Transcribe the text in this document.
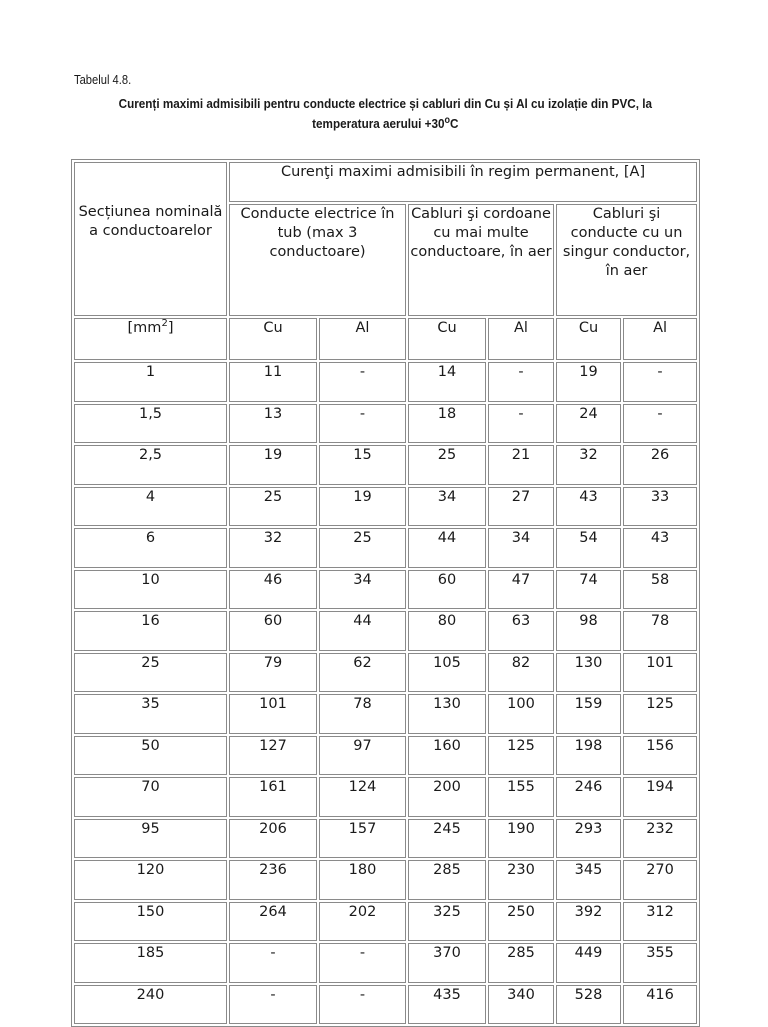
Tabelul 4.8.
Curenți maximi admisibili pentru conducte electrice și cabluri din Cu și Al cu izolație din PVC, la
temperatura aerului $+30^oC$
Secțiunea nominală a conductoarelor	Curenţi maximi admisibili în regim permanent, [A]					
	Conducte electrice în tub (max 3 conductoare)		Cabluri şi cordoane cu mai multe conductoare, în aer		Cabluri şi conducte cu un singur conductor, în aer	
$[mm^2]$	Cu	Al	Cu	Al	Cu	Al
1	11	-	14	-	19	-
1,5	13	-	18	-	24	-
2,5	19	15	25	21	32	26
4	25	19	34	27	43	33
6	32	25	44	34	54	43
10	46	34	60	47	74	58
16	60	44	80	63	98	78
25	79	62	105	82	130	101
35	101	78	130	100	159	125
50	127	97	160	125	198	156
70	161	124	200	155	246	194
95	206	157	245	190	293	232
120	236	180	285	230	345	270
150	264	202	325	250	392	312
185	-	-	370	285	449	355
240	-	-	435	340	528	416
